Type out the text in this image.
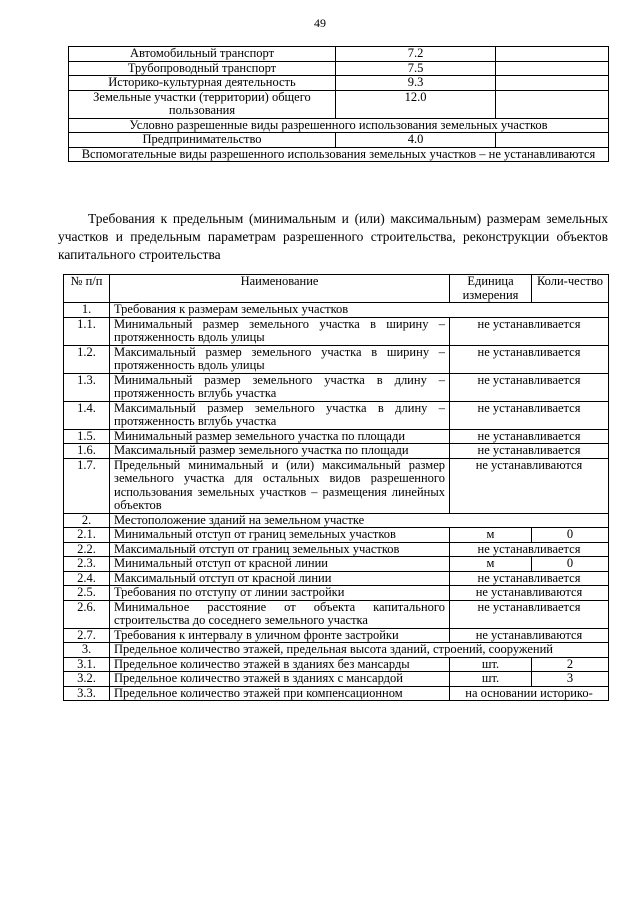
49
Автомобильный транспорт	7.2	
Трубопроводный транспорт	7.5	
Историко-культурная деятельность	9.3	
Земельные участки (территории) общего пользования	12.0	
Условно разрешенные виды разрешенного использования земельных участков		
Предпринимательство	4.0	
Вспомогательные виды разрешенного использования земельных участков – не устанавливаются		
Требования к предельным (минимальным и (или) максимальным) размерам земельных участков и предельным параметрам разрешенного строительства, реконструкции объектов капитального строительства
№ п/п	Наименование	Единица измерения	Коли-чество
1.	Требования к размерам земельных участков		
1.1.	Минимальный размер земельного участка в ширину – протяженность вдоль улицы	не устанавливается	
1.2.	Максимальный размер земельного участка в ширину – протяженность вдоль улицы	не устанавливается	
1.3.	Минимальный размер земельного участка в длину – протяженность вглубь участка	не устанавливается	
1.4.	Максимальный размер земельного участка в длину – протяженность вглубь участка	не устанавливается	
1.5.	Минимальный размер земельного участка по площади	не устанавливается	
1.6.	Максимальный размер земельного участка по площади	не устанавливается	
1.7.	Предельный минимальный и (или) максимальный размер земельного участка для остальных видов разрешенного использования земельных участков – размещения линейных объектов	не устанавливаются	
2.	Местоположение зданий на земельном участке		
2.1.	Минимальный отступ от границ земельных участков	м	0
2.2.	Максимальный отступ от границ земельных участков	не устанавливается	
2.3.	Минимальный отступ от красной линии	м	0
2.4.	Максимальный отступ от красной линии	не устанавливается	
2.5.	Требования по отступу от линии застройки	не устанавливаются	
2.6.	Минимальное расстояние от объекта капитального строительства до соседнего земельного участка	не устанавливается	
2.7.	Требования к интервалу в уличном фронте застройки	не устанавливаются	
3.	Предельное количество этажей, предельная высота зданий, строений, сооружений		
3.1.	Предельное количество этажей в зданиях без мансарды	шт.	2
3.2.	Предельное количество этажей в зданиях с мансардой	шт.	3
3.3.	Предельное количество этажей при компенсационном	на основании историко-	
